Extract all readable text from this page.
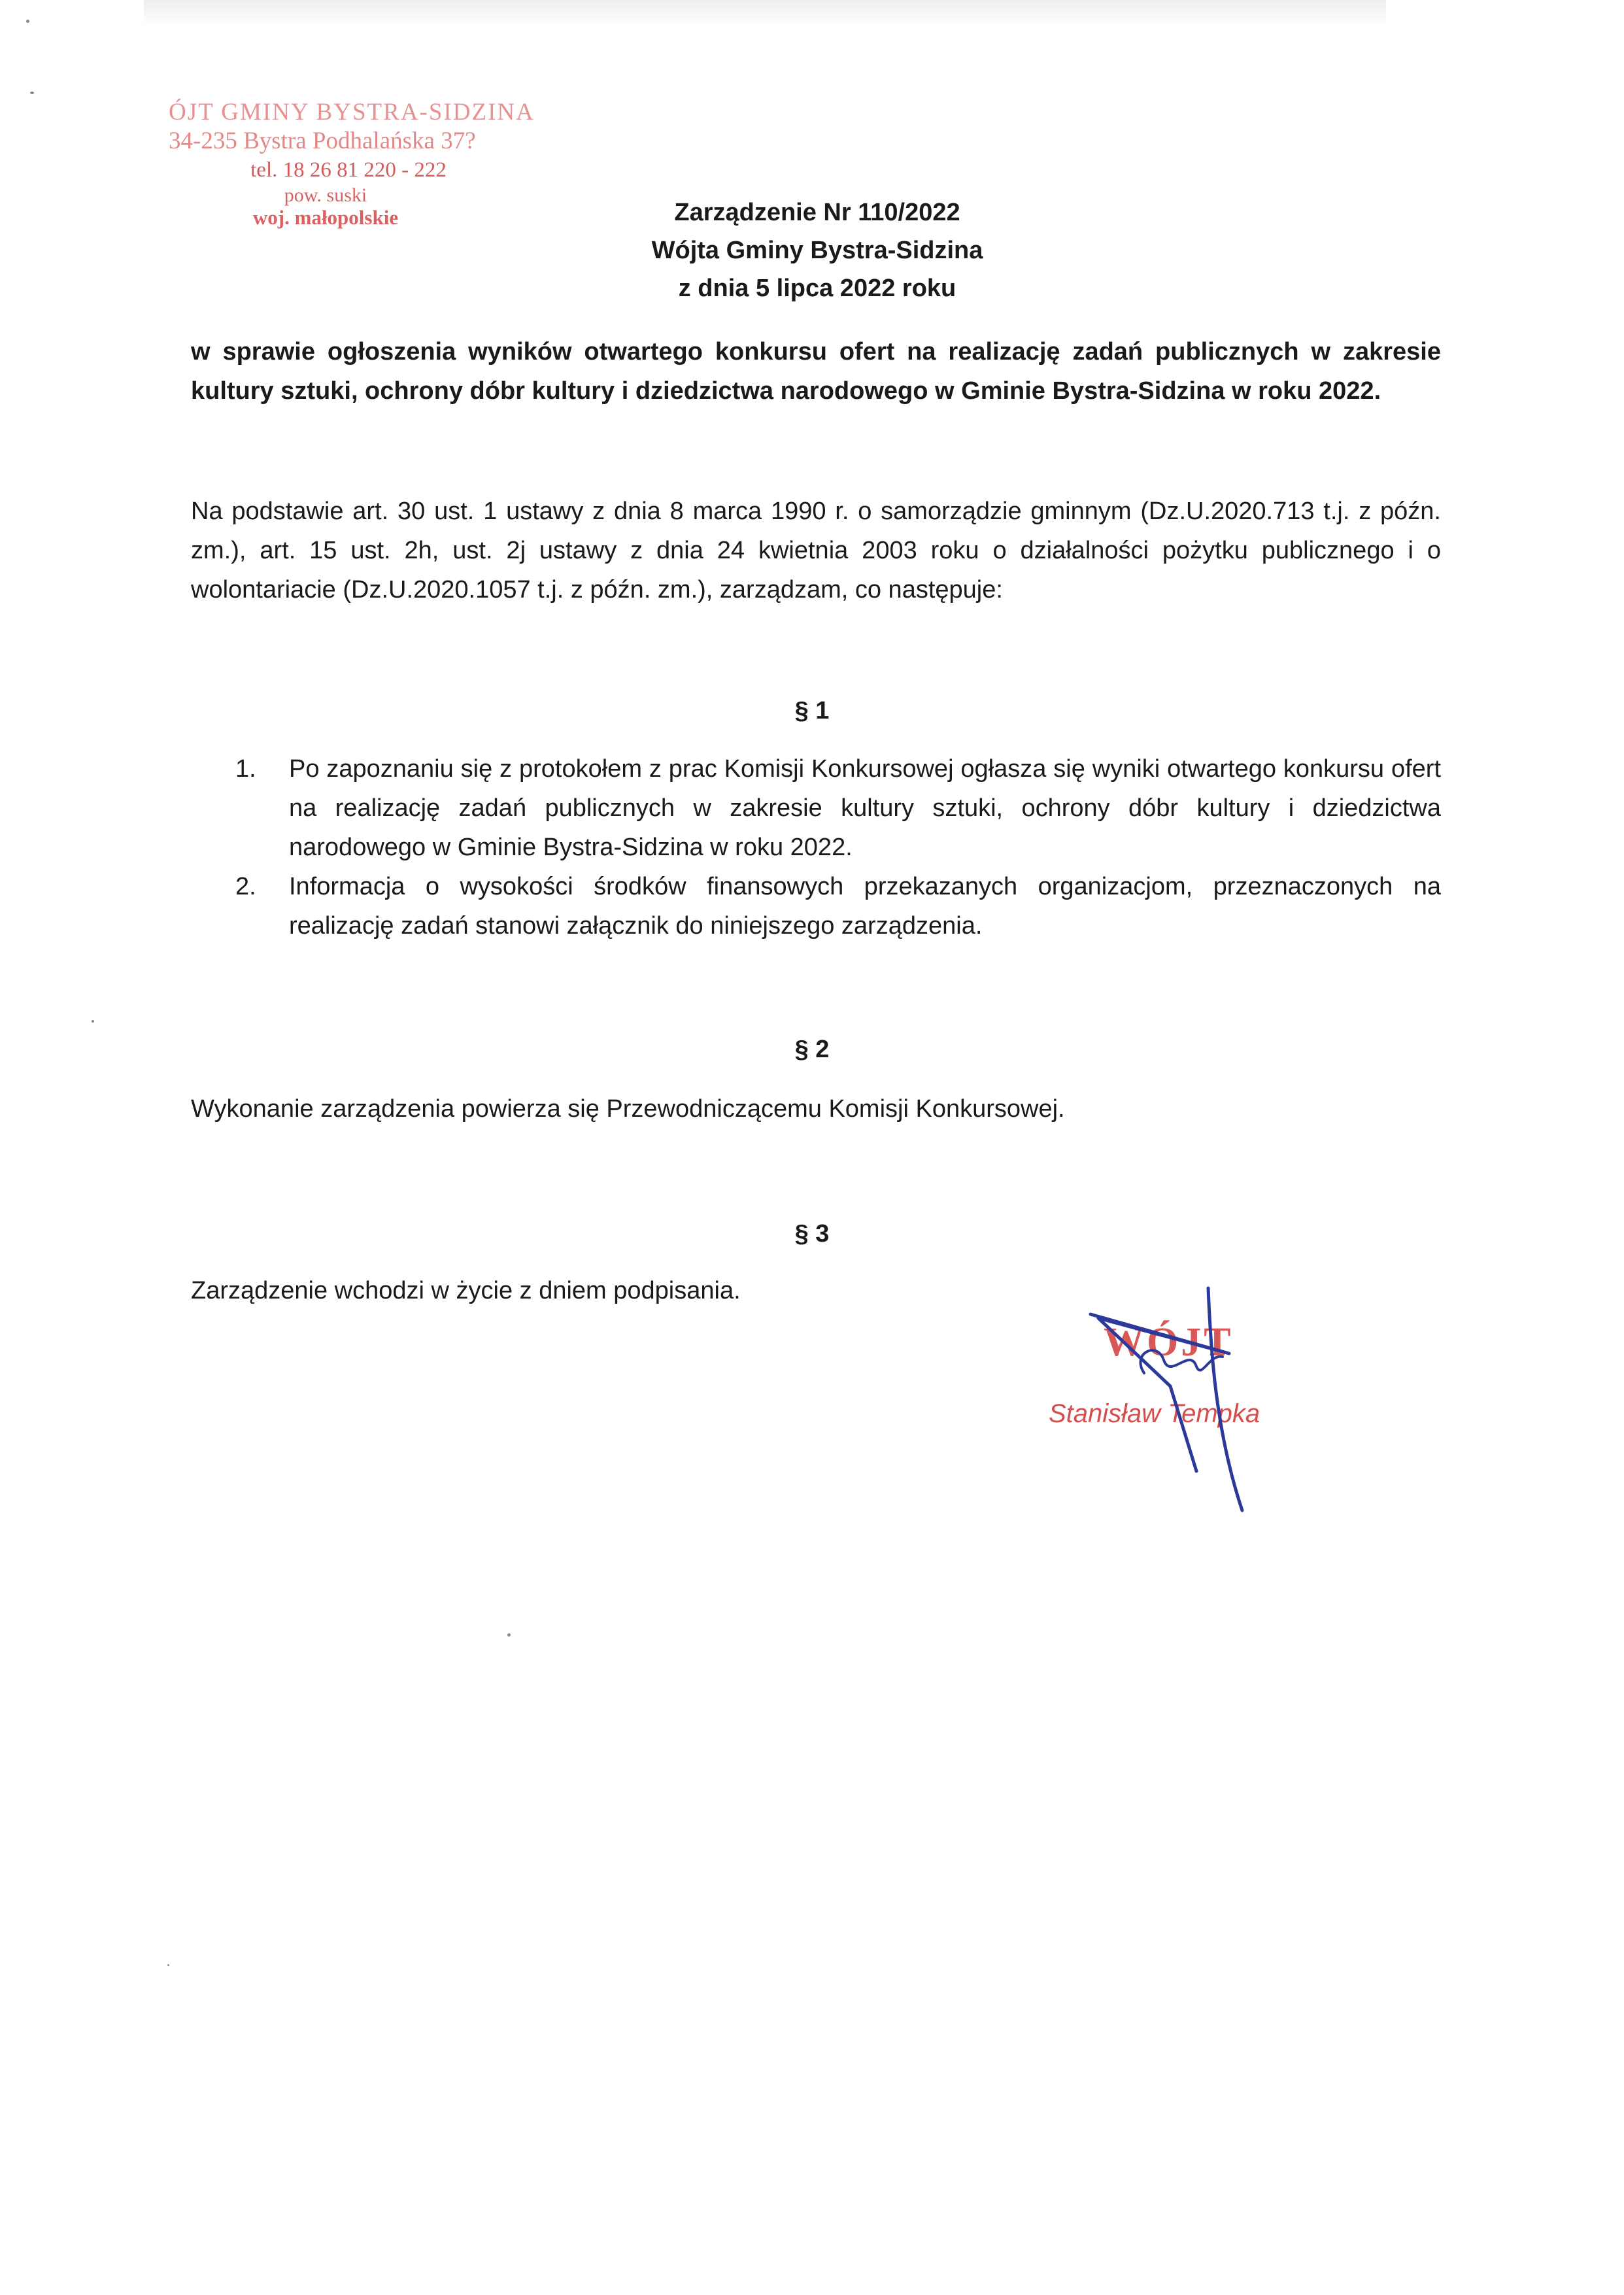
ÓJT GMINY BYSTRA-SIDZINA
34-235 Bystra Podhalańska 37?
tel. 18 26 81 220 - 222
pow. suski
woj. małopolskie	Zarządzenie Nr 110/2022
Wójta Gminy Bystra-Sidzina
z dnia 5 lipca 2022 roku
w sprawie ogłoszenia wyników otwartego konkursu ofert na realizację zadań publicznych w zakresie kultury sztuki, ochrony dóbr kultury i dziedzictwa narodowego w Gminie Bystra-Sidzina w roku 2022.
Na podstawie art. 30 ust. 1 ustawy z dnia 8 marca 1990 r. o samorządzie gminnym (Dz.U.2020.713 t.j. z późn. zm.), art. 15 ust. 2h, ust. 2j ustawy z dnia 24 kwietnia 2003 roku o działalności pożytku publicznego i o wolontariacie (Dz.U.2020.1057 t.j. z późn. zm.), zarządzam, co następuje:
§ 1
1. Po zapoznaniu się z protokołem z prac Komisji Konkursowej ogłasza się wyniki otwartego konkursu ofert na realizację zadań publicznych w zakresie kultury sztuki, ochrony dóbr kultury i dziedzictwa narodowego w Gminie Bystra-Sidzina w roku 2022.
2. Informacja o wysokości środków finansowych przekazanych organizacjom, przeznaczonych na realizację zadań stanowi załącznik do niniejszego zarządzenia.
§ 2
Wykonanie zarządzenia powierza się Przewodniczącemu Komisji Konkursowej.
§ 3
Zarządzenie wchodzi w życie z dniem podpisania.
WÓJT
Stanisław Tempka
